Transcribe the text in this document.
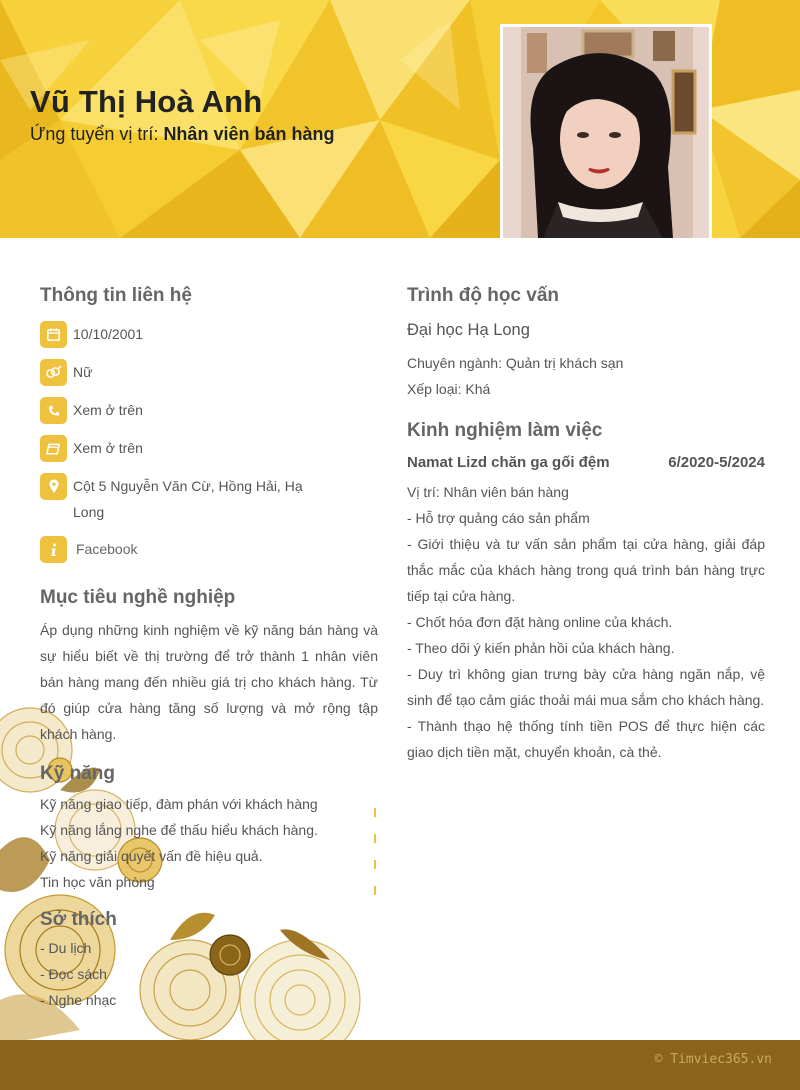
Vũ Thị Hoà Anh
Ứng tuyển vị trí: Nhân viên bán hàng
Thông tin liên hệ
10/10/2001
Nữ
Xem ở trên
Xem ở trên
Cột 5 Nguyễn Văn Cừ, Hồng Hải, Hạ Long
Facebook
Mục tiêu nghề nghiệp
Áp dụng những kinh nghiệm về kỹ năng bán hàng và sự hiểu biết về thị trường để trở thành 1 nhân viên bán hàng mang đến nhiều giá trị cho khách hàng. Từ đó giúp cửa hàng tăng số lượng và mở rộng tập khách hàng.
Kỹ năng
Kỹ năng giao tiếp, đàm phán với khách hàng
Kỹ năng lắng nghe để thấu hiểu khách hàng.
Kỹ năng giải quyết vấn đề hiệu quả.
Tin học văn phòng
Sở thích
- Du lịch
- Đọc sách
- Nghe nhạc
Trình độ học vấn
Đại học Hạ Long
Chuyên ngành: Quản trị khách sạn
Xếp loại: Khá
Kinh nghiệm làm việc
Namat Lizd chăn ga gối đệm	6/2020-5/2024
Vị trí: Nhân viên bán hàng
- Hỗ trợ quảng cáo sản phẩm
- Giới thiệu và tư vấn sản phẩm tại cửa hàng, giải đáp thắc mắc của khách hàng trong quá trình bán hàng trực tiếp tại cửa hàng.
- Chốt hóa đơn đặt hàng online của khách.
- Theo dõi ý kiến phản hồi của khách hàng.
- Duy trì không gian trưng bày cửa hàng ngăn nắp, vệ sinh để tạo cảm giác thoải mái mua sắm cho khách hàng.
- Thành thạo hệ thống tính tiền POS để thực hiện các giao dịch tiền mặt, chuyển khoản, cà thẻ.
© Timviec365.vn
